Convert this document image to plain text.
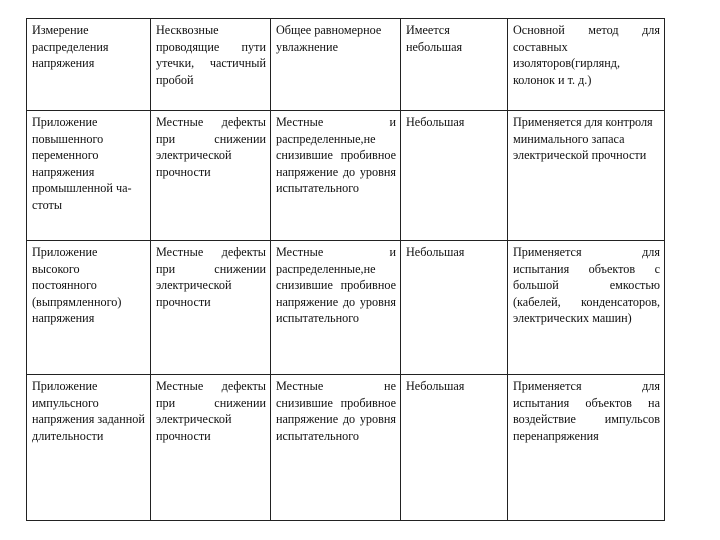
Измерение распределения напряжения	Несквозные проводящие пути утечки, частичный пробой	Общее равномерное увлажнение	Имеется небольшая	Основной метод для составных изоляторов(гирлянд, колонок и т. д.)
Приложение повышенного переменного напряжения промышленной ча-стоты	Местные дефекты при снижении электрической прочности	Местные и распределенные,не снизившие пробивное напряжение до уровня испытательного	Небольшая	Применяется для контроля минимального запаса электрической прочности
Приложение высокого постоянного (выпрямленного) напряжения	Местные дефекты при снижении электрической прочности	Местные и распределенные,не снизившие пробивное напряжение до уровня испытательного	Небольшая	Применяется для испытания объектов с большой емкостью (кабелей, конденсаторов, электрических машин)
Приложение импульсного напряжения заданной длительности	Местные дефекты при снижении электрической прочности	Местные не снизившие пробивное напряжение до уровня испытательного	Небольшая	Применяется для испытания объектов на воздействие импульсов перенапряжения
